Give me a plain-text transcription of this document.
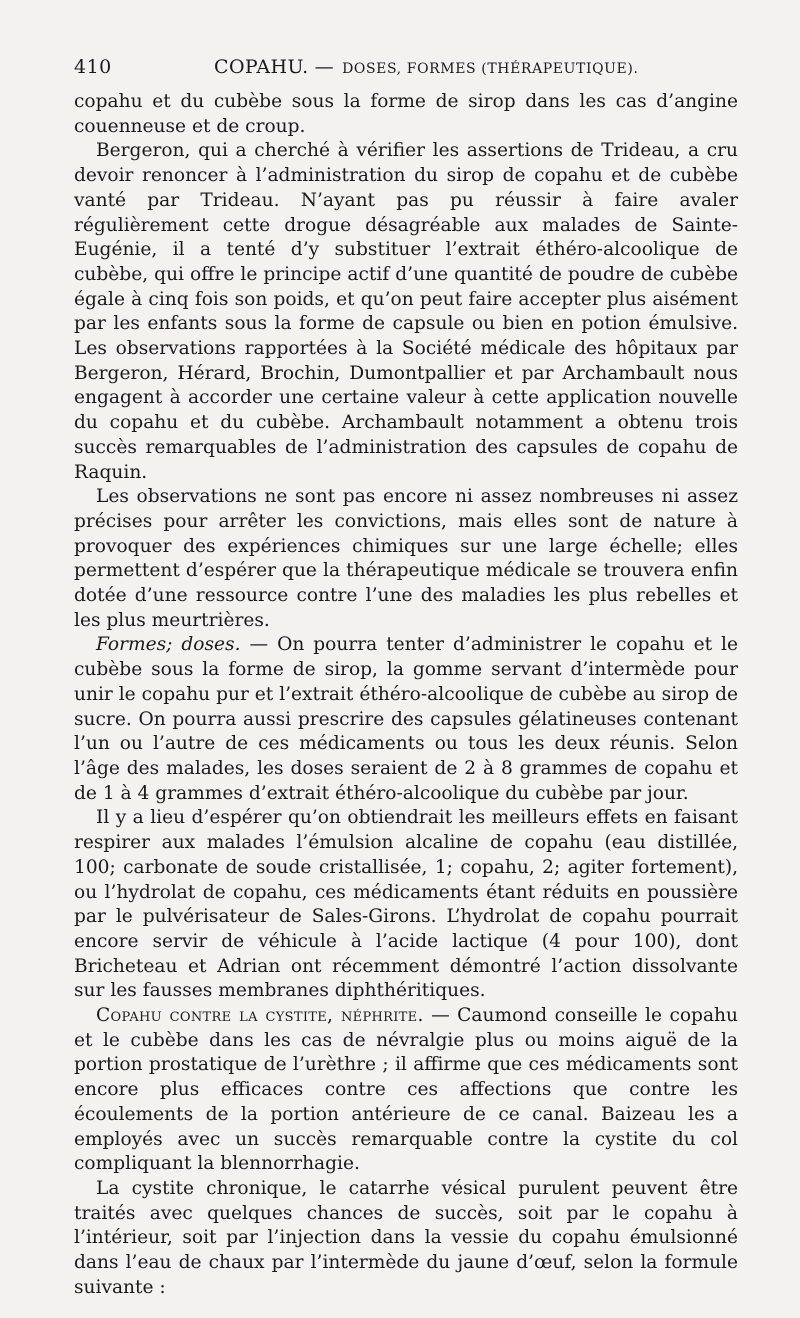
410	COPAHU. — DOSES, FORMES (THÉRAPEUTIQUE).

copahu et du cubèbe sous la forme de sirop dans les cas d’angine couenneuse et de croup.

Bergeron, qui a cherché à vérifier les assertions de Trideau, a cru devoir renoncer à l’administration du sirop de copahu et de cubèbe vanté par Trideau. N’ayant pas pu réussir à faire avaler régulièrement cette drogue désagréable aux malades de Sainte-Eugénie, il a tenté d’y substituer l’extrait éthéro-alcoolique de cubèbe, qui offre le principe actif d’une quantité de poudre de cubèbe égale à cinq fois son poids, et qu’on peut faire accepter plus aisément par les enfants sous la forme de capsule ou bien en potion émulsive. Les observations rapportées à la Société médicale des hôpitaux par Bergeron, Hérard, Brochin, Dumontpallier et par Archambault nous engagent à accorder une certaine valeur à cette application nouvelle du copahu et du cubèbe. Archambault notamment a obtenu trois succès remarquables de l’administration des capsules de copahu de Raquin.

Les observations ne sont pas encore ni assez nombreuses ni assez précises pour arrêter les convictions, mais elles sont de nature à provoquer des expériences chimiques sur une large échelle; elles permettent d’espérer que la thérapeutique médicale se trouvera enfin dotée d’une ressource contre l’une des maladies les plus rebelles et les plus meurtrières.

Formes; doses. — On pourra tenter d’administrer le copahu et le cubèbe sous la forme de sirop, la gomme servant d’intermède pour unir le copahu pur et l’extrait éthéro-alcoolique de cubèbe au sirop de sucre. On pourra aussi prescrire des capsules gélatineuses contenant l’un ou l’autre de ces médicaments ou tous les deux réunis. Selon l’âge des malades, les doses seraient de 2 à 8 grammes de copahu et de 1 à 4 grammes d’extrait éthéro-alcoolique du cubèbe par jour.

Il y a lieu d’espérer qu’on obtiendrait les meilleurs effets en faisant respirer aux malades l’émulsion alcaline de copahu (eau distillée, 100; carbonate de soude cristallisée, 1; copahu, 2; agiter fortement), ou l’hydrolat de copahu, ces médicaments étant réduits en poussière par le pulvérisateur de Sales-Girons. L’hydrolat de copahu pourrait encore servir de véhicule à l’acide lactique (4 pour 100), dont Bricheteau et Adrian ont récemment démontré l’action dissolvante sur les fausses membranes diphthéritiques.

Copahu contre la cystite, néphrite. — Caumond conseille le copahu et le cubèbe dans les cas de névralgie plus ou moins aiguë de la portion prostatique de l’urèthre ; il affirme que ces médicaments sont encore plus efficaces contre ces affections que contre les écoulements de la portion antérieure de ce canal. Baizeau les a employés avec un succès remarquable contre la cystite du col compliquant la blennorrhagie.

La cystite chronique, le catarrhe vésical purulent peuvent être traités avec quelques chances de succès, soit par le copahu à l’intérieur, soit par l’injection dans la vessie du copahu émulsionné dans l’eau de chaux par l’intermède du jaune d’œuf, selon la formule suivante :
